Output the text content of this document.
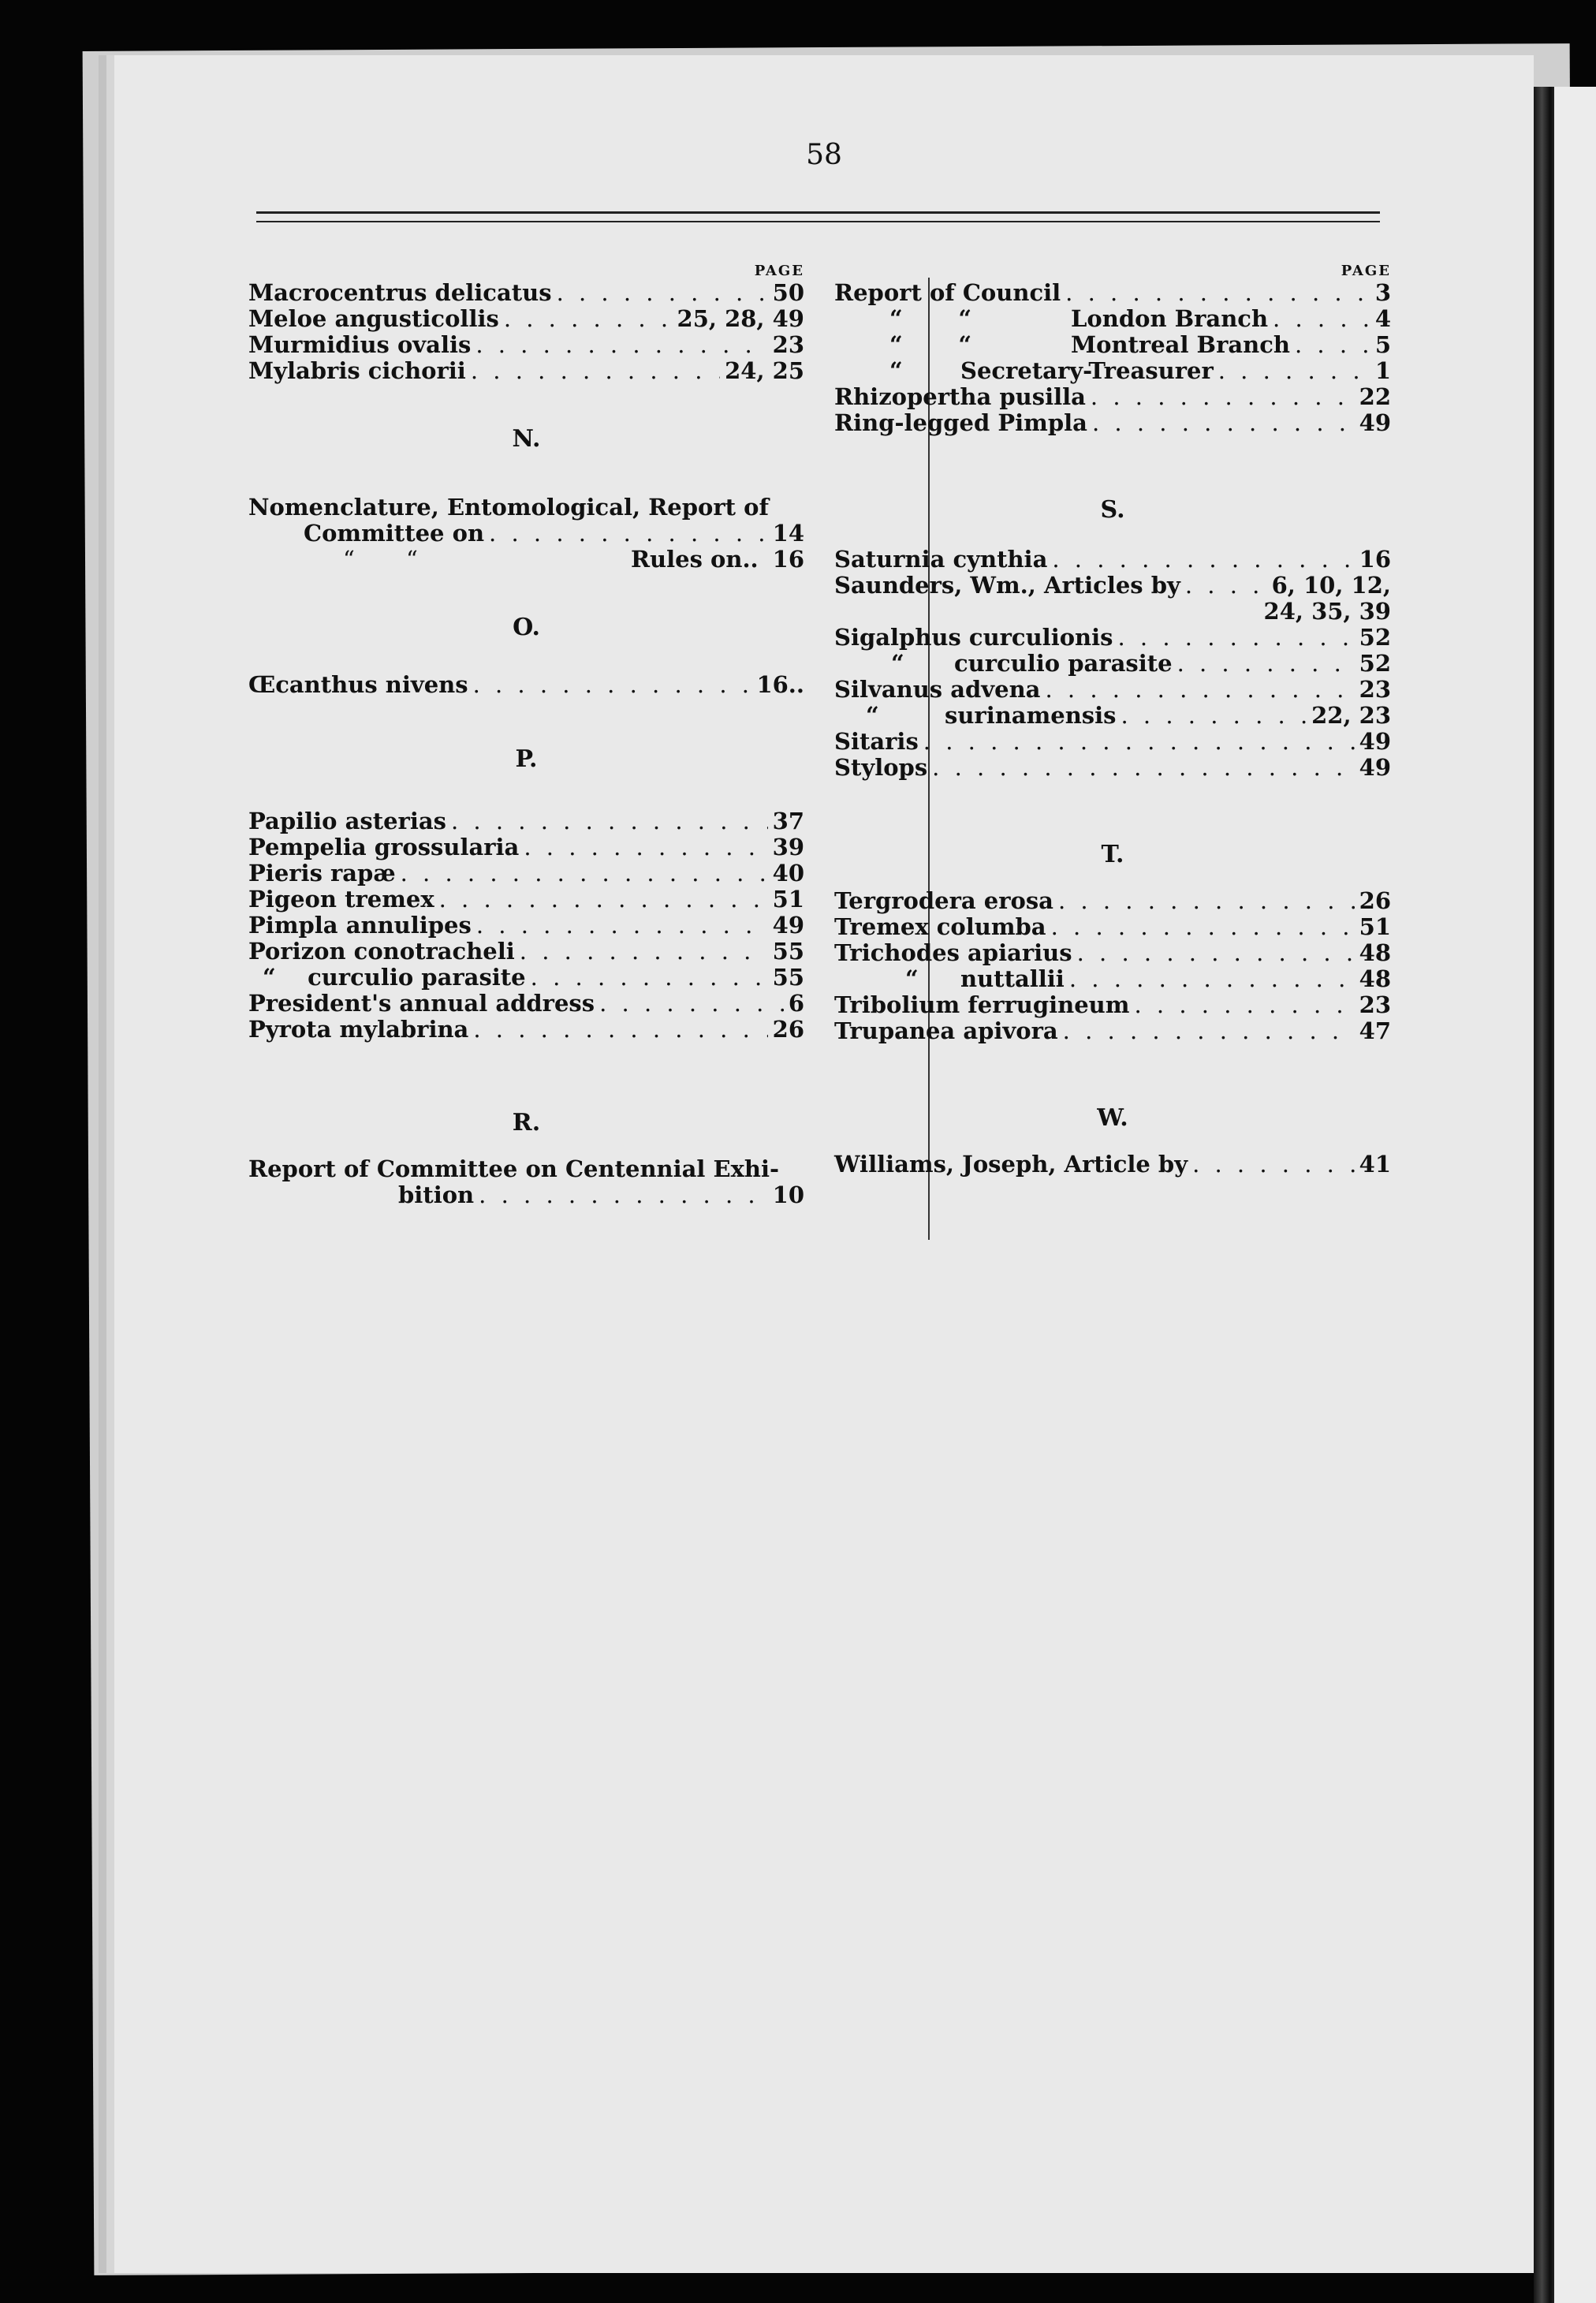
58
PAGE
Macrocentrus delicatus . . .	50
Meloe angusticollis . . .	25, 28, 49
Murmidius ovalis . . .	23
Mylabris cichorii . . .	24, 25
N.
Nomenclature, Entomological, Report of
Committee on . . .	14
“ “	Rules on.. 16
O.
Œcanthus nivens . . .	16..
P.
Papilio asterias . . .	37
Pempelia grossularia . . .	39
Pieris rapæ . . .	40
Pigeon tremex . . .	51
Pimpla annulipes . . .	49
Porizon conotracheli . . .	55
“    curculio parasite . . .	55
President's annual address . . .	6
Pyrota mylabrina . . .	26
R.
Report of Committee on Centennial Exhi-
bition . . .	10
PAGE
Report of Council . . .	3
“       “	London Branch . . .	4
“       “	Montreal Branch . . .	5
“	Secretary-Treasurer . . .	1
Rhizopertha pusilla . . .	22
Ring-legged Pimpla . . .	49
S.
Saturnia cynthia . . .	16
Saunders, Wm., Articles by . . .	6, 10, 12,
24, 35, 39
Sigalphus curculionis . . .	52
“	curculio parasite . . .	52
Silvanus advena . . .	23
“	surinamensis . . .	22, 23
Sitaris . . .	49
Stylops . . .	49
T.
Tergrodera erosa . . .	26
Tremex columba . . .	51
Trichodes apiarius . . .	48
“	nuttallii . . .	48
Tribolium ferrugineum . . .	23
Trupanea apivora . . .	47
W.
Williams, Joseph, Article by . . .	41
